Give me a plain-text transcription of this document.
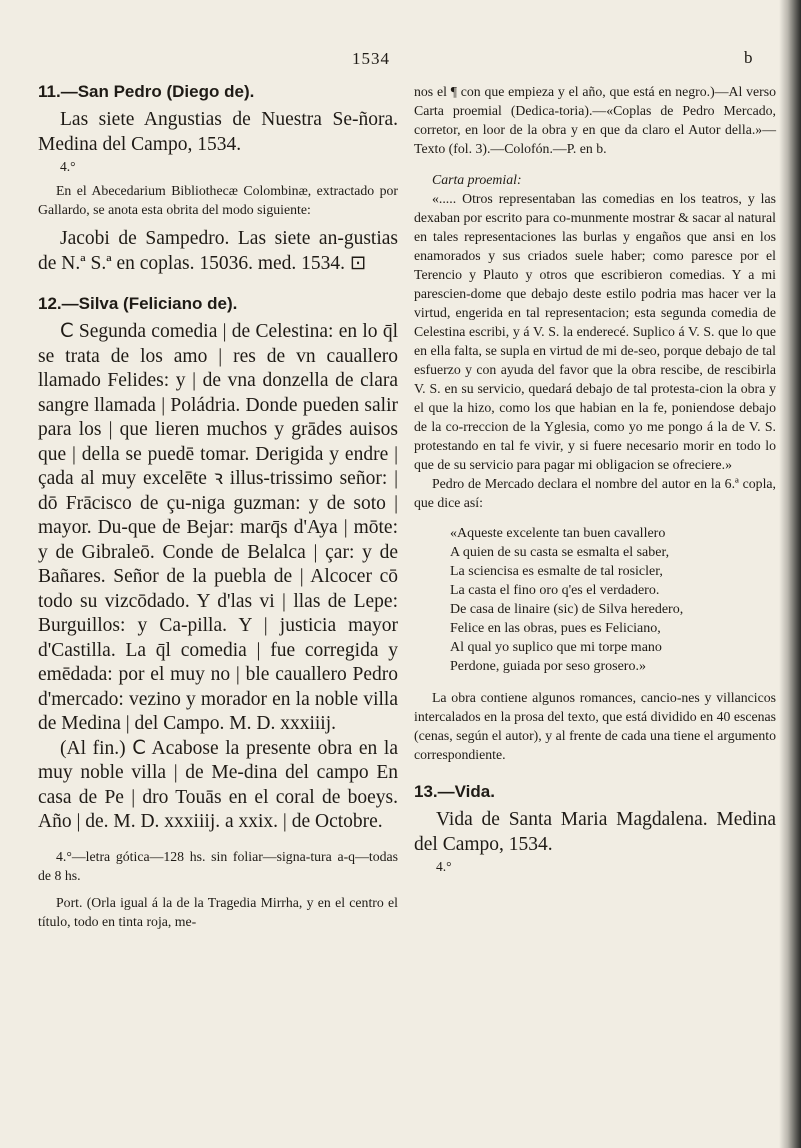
1534	b
11.—San Pedro (Diego de).

Las siete Angustias de Nuestra Se-ñora. Medina del Campo, 1534.

4.°

En el Abecedarium Bibliothecæ Colombinæ, extractado por Gallardo, se anota esta obrita del modo siguiente:

Jacobi de Sampedro. Las siete an-gustias de N.ª S.ª en coplas. 15036. med. 1534. ⊡

12.—Silva (Feliciano de).

Ⅽ Segunda comedia | de Celestina: en lo q̄l se trata de los amo | res de vn cauallero llamado Felides: y | de vna donzella de clara sangre llamada | Poládria. Donde pueden salir para los | que lieren muchos y grādes auisos que | della se puedē tomar. Derigida y endre | çada al muy excelēte ꝛ illus-trissimo señor: | dō Frācisco de çu-niga guzman: y de soto | mayor. Du-que de Bejar: marq̄s d'Aya | mōte: y de Gibraleō. Conde de Belalca | çar: y de Bañares. Señor de la puebla de | Alcocer cō todo su vizcōdado. Y d'las vi | llas de Lepe: Burguillos: y Ca-pilla. Y | justicia mayor d'Castilla. La q̄l comedia | fue corregida y emēdada: por el muy no | ble cauallero Pedro d'mercado: vezino y morador en la noble villa de Medina | del Campo. M. D. xxxiiij.

(Al fin.) Ⅽ Acabose la presente obra en la muy noble villa | de Me-dina del campo En casa de Pe | dro Touās en el coral de boeys. Año | de. M. D. xxxiiij. a xxix. | de Octobre.

4.°—letra gótica—128 hs. sin foliar—signa-tura a-q—todas de 8 hs.

Port. (Orla igual á la de la Tragedia Mirrha, y en el centro el título, todo en tinta roja, me-

nos el ¶ con que empieza y el año, que está en negro.)—Al verso Carta proemial (Dedica-toria).—«Coplas de Pedro Mercado, corretor, en loor de la obra y en que da claro el Autor della.»—Texto (fol. 3).—Colofón.—P. en b.

Carta proemial:

«..... Otros representaban las comedias en los teatros, y las dexaban por escrito para co-munmente mostrar & sacar al natural en tales representaciones las burlas y engaños que ansi en los enamorados y sus criados suele haber; como paresce por el Terencio y Plauto y otros que escribieron comedias. Y a mi parescien-dome que debajo deste estilo podria mas hacer ver la virtud, engerida en tal representacion; esta segunda comedia de Celestina escribi, y á V. S. la enderecé. Suplico á V. S. que lo que en ella falta, se supla en virtud de mi de-seo, porque debajo de tal esfuerzo y con ayuda del favor que la obra rescibe, de rescibirla V. S. en su servicio, quedará debajo de tal protesta-cion la obra y el que la hizo, como los que habian en la fe, poniendose debajo de la co-rreccion de la Yglesia, como yo me pongo á la de V. S. protestando en tal fe vivir, y si fuere necesario morir en todo lo que de su servicio para pagar mi obligacion se ofreciere.»

Pedro de Mercado declara el nombre del autor en la 6.ª copla, que dice así:

«Aqueste excelente tan buen cavallero
A quien de su casta se esmalta el saber,
La sciencisa es esmalte de tal rosicler,
La casta el fino oro q'es el verdadero.
De casa de linaire (sic) de Silva heredero,
Felice en las obras, pues es Feliciano,
Al qual yo suplico que mi torpe mano
Perdone, guiada por seso grosero.»

La obra contiene algunos romances, cancio-nes y villancicos intercalados en la prosa del texto, que está dividido en 40 escenas (cenas, según el autor), y al frente de cada una tiene el argumento correspondiente.

13.—Vida.

Vida de Santa Maria Magdalena. Medina del Campo, 1534.

4.°
